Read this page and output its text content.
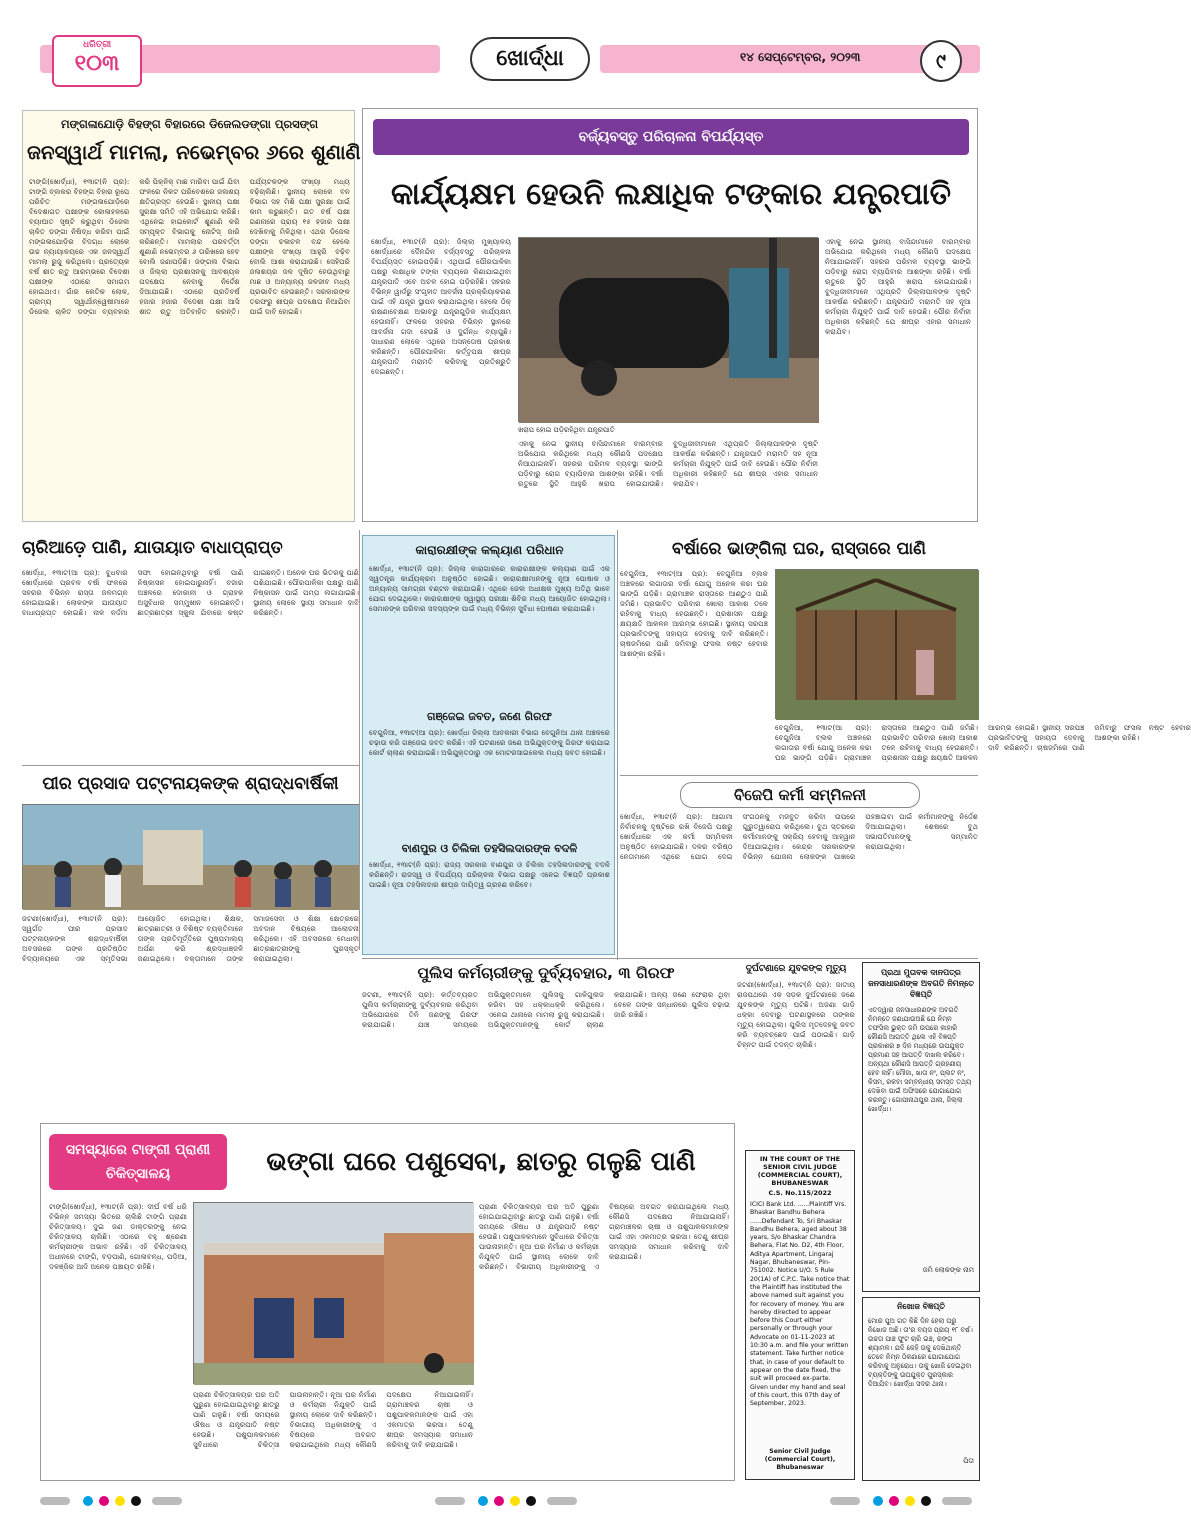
ଧରିତ୍ରୀ
୧୦୩	ଖୋର୍ଦ୍ଧା	୧୪ ସେପ୍ଟେମ୍ବର, ୨୦୨୩	୯
ମଙ୍ଗଳାଯୋଡ଼ି ବିହଙ୍ଗ ବିହାରରେ ଡିଜେଲଡଙ୍ଗା ପ୍ରସଙ୍ଗ
ଜନସ୍ୱାର୍ଥ ମାମଲା, ନଭେମ୍ବର ୬ରେ ଶୁଣାଣି
ଟାଙ୍ଗି(ଖୋର୍ଦ୍ଧା), ୧୩ାଟ(ନି ପ୍ର): ଟାଙ୍ଗି ବ୍ଲକର ବିହଙ୍ଗ ବିହାର ରୂପେ ପରିଚିତ ମଙ୍ଗଳାଯୋଡ଼ିରେ ବିଦେଶାଗତ ପକ୍ଷୀଙ୍କ କୋଳାହଳରେ ବ୍ୟାଘାତ ସୃଷ୍ଟି କରୁଥିବା ଡିଜେଲ ଚାଳିତ ଡଙ୍ଗା ନିଷିଦ୍ଧ କରିବା ପାଇଁ ମଙ୍ଗଳାଯୋଡ଼ିର ବିଦଗ୍ଧ ଲୋକେ ଉଚ୍ଚ ନ୍ୟାୟାଳୟରେ ଏକ ଜନସ୍ୱାର୍ଥ ମାମଲା ରୁଜୁ କରିଥିଲେ। ପ୍ରତ୍ୟେକ ବର୍ଷ ଶୀତ ଋତୁ ଆରମ୍ଭରେ ବିଦେଶୀ ପକ୍ଷୀଙ୍କ ଏଠାରେ ସମାଗମ ହୋଇଥାଏ। ଗାଁର କେତିକ ଲୋକ, ଗ୍ରାମ୍ୟ ସ୍ୱାର୍ଥାନ୍ୱେଷୀମାନେ ଡିଜେଲ ଚାଳିତ ଡଙ୍ଗା ବ୍ୟବହାର କରି ପିକ୍ନିକ୍ ମାଛ ମାରିବା ପାଇଁ ଯିବା ଫଳରେ ନିକଟ ପରିବେଶରେ ଜଳାଶୟ କ୍ଷତିଗ୍ରସ୍ତ ହେଉଛି। ସ୍ଥାନୀୟ ପକ୍ଷୀ ସୁରକ୍ଷା ସମିତି ଏହି ଅଭିଯୋଗ କରିଛି। ଏଥିନେଇ ହାଇକୋର୍ଟ ଶୁଣାଣି କରି ସମ୍ପୃକ୍ତ ବିଭାଗକୁ ନୋଟିସ୍ ଜାରି କରିଛନ୍ତି। ମାମଲାର ପରବର୍ତ୍ତୀ ଶୁଣାଣି ନଭେମ୍ବର ୬ ତାରିଖରେ ହେବ ବୋଲି ଜଣାପଡ଼ିଛି। ଜଙ୍ଗଲ ବିଭାଗ ଓ ଜିଲ୍ଲା ପ୍ରଶାସନକୁ ଆବଶ୍ୟକ ପଦକ୍ଷେପ ନେବାକୁ ନିର୍ଦ୍ଦେଶ ଦିଆଯାଇଛି। ଏଠାରେ ପ୍ରତିବର୍ଷ ହଜାର ହଜାର ବିଦେଶୀ ପକ୍ଷୀ ଆସି ଶୀତ ଋତୁ ଅତିବାହିତ କରନ୍ତି। ପର୍ଯ୍ୟଟକଙ୍କ ସଂଖ୍ୟା ମଧ୍ୟ ବଢ଼ିଚାଲିଛି। ସ୍ଥାନୀୟ ଲୋକେ ବନ ବିଭାଗ ସହ ମିଶି ପକ୍ଷୀ ସୁରକ୍ଷା ପାଇଁ କାମ କରୁଛନ୍ତି। ଗତ ବର୍ଷ ପକ୍ଷୀ ଗଣନାରେ ପ୍ରାୟ ୧୫ ହଜାର ପକ୍ଷୀ ଦେଖିବାକୁ ମିଳିଥିଲା। ଏଥର ଡିଜେଲ ଡଙ୍ଗା ଚଳାଚଳ ବନ୍ଦ ହେଲେ ପକ୍ଷୀଙ୍କ ସଂଖ୍ୟା ଆହୁରି ବଢ଼ିବ ବୋଲି ଆଶା କରାଯାଉଛି। ସେହିପରି ଜଳାଶୟର ଜଳ ଦୂଷିତ ହେଉଥିବାରୁ ମାଛ ଓ ଅନ୍ୟାନ୍ୟ ଜଳଜୀବ ମଧ୍ୟ ପ୍ରଭାବିତ ହେଉଛନ୍ତି। ସରକାରଙ୍କ ତରଫରୁ ଶୀଘ୍ର ପଦକ୍ଷେପ ନିଆଯିବା ପାଇଁ ଦାବି ହୋଇଛି।
ବର୍ଜ୍ୟବସ୍ତୁ ପରିଚାଳନା ବିପର୍ଯ୍ୟସ୍ତ
କାର୍ଯ୍ୟକ୍ଷମ ହେଉନି ଲକ୍ଷାଧିକ ଟଙ୍କାର ଯନ୍ତ୍ରପାତି
ଖୋର୍ଦ୍ଧା, ୧୩ାଟ(ନି ପ୍ର): ଜିଲ୍ଲା ମୁଖ୍ୟାଳୟ ଖୋର୍ଦ୍ଧାରେ ଦୈନନ୍ଦିନ ବର୍ଜ୍ୟବସ୍ତୁ ପରିଚାଳନା ବିପର୍ଯ୍ୟସ୍ତ ହୋଇପଡ଼ିଛି। ଏଥିପାଇଁ ପୌରପାଳିକା ପକ୍ଷରୁ ଲକ୍ଷାଧିକ ଟଙ୍କା ବ୍ୟୟରେ କିଣାଯାଇଥିବା ଯନ୍ତ୍ରପାତି ଏବେ ଅଚଳ ହୋଇ ପଡ଼ିରହିଛି। ସହରର ବିଭିନ୍ନ ୱାର୍ଡରୁ ସଂଗୃହୀତ ଆବର୍ଜନା ପ୍ରକ୍ରିୟାକରଣ ପାଇଁ ଏହି ଯନ୍ତ୍ର ସ୍ଥାପନ କରାଯାଇଥିଲା। ହେଲେ ଠିକ୍ ରକ୍ଷଣାବେକ୍ଷଣ ଅଭାବରୁ ଯନ୍ତ୍ରଗୁଡ଼ିକ କାର୍ଯ୍ୟକ୍ଷମ ହେଉନାହିଁ। ଫଳରେ ସହରର ବିଭିନ୍ନ ସ୍ଥାନରେ ଆବର୍ଜନା ଗଦା ହେଉଛି ଓ ଦୁର୍ଗନ୍ଧ ବ୍ୟାପୁଛି। ସାଧାରଣ ଲୋକେ ଏଥିରେ ଅସନ୍ତୋଷ ପ୍ରକାଶ କରିଛନ୍ତି। ପୌରପାଳିକା କର୍ତ୍ତୃପକ୍ଷ ଶୀଘ୍ର ଯନ୍ତ୍ରପାତି ମରାମତି କରିବାକୁ ପ୍ରତିଶ୍ରୁତି ଦେଇଛନ୍ତି।
ଖରାପ ହୋଇ ପଡ଼ିରହିଥିବା ଯନ୍ତ୍ରପାତି
ଏହାକୁ ନେଇ ସ୍ଥାନୀୟ ବାସିନ୍ଦାମାନେ ବାରମ୍ବାର ଅଭିଯୋଗ କରିଥିଲେ ମଧ୍ୟ କୌଣସି ପଦକ୍ଷେପ ନିଆଯାଇନାହିଁ। ସହରର ପରିମଳ ବ୍ୟବସ୍ଥା ଭାଙ୍ଗି ପଡ଼ିବାରୁ ରୋଗ ବ୍ୟାପିବାର ଆଶଙ୍କା ରହିଛି। ବର୍ଷା ଋତୁରେ ସ୍ଥିତି ଆହୁରି ଖରାପ ହୋଇଯାଉଛି। ବୁଦ୍ଧିଜୀବୀମାନେ ଏଥିପ୍ରତି ଜିଲ୍ଲାପାଳଙ୍କ ଦୃଷ୍ଟି ଆକର୍ଷଣ କରିଛନ୍ତି। ଯନ୍ତ୍ରପାତି ମରାମତି ସହ ନୂଆ କର୍ମଚାରୀ ନିଯୁକ୍ତି ପାଇଁ ଦାବି ହେଉଛି। ପୌର ନିର୍ବାହୀ ଅଧିକାରୀ କହିଛନ୍ତି ଯେ ଶୀଘ୍ର ଏହାର ସମାଧାନ କରାଯିବ।
ଏହାକୁ ନେଇ ସ୍ଥାନୀୟ ବାସିନ୍ଦାମାନେ ବାରମ୍ବାର ଅଭିଯୋଗ କରିଥିଲେ ମଧ୍ୟ କୌଣସି ପଦକ୍ଷେପ ନିଆଯାଇନାହିଁ। ସହରର ପରିମଳ ବ୍ୟବସ୍ଥା ଭାଙ୍ଗି ପଡ଼ିବାରୁ ରୋଗ ବ୍ୟାପିବାର ଆଶଙ୍କା ରହିଛି। ବର୍ଷା ଋତୁରେ ସ୍ଥିତି ଆହୁରି ଖରାପ ହୋଇଯାଉଛି। ବୁଦ୍ଧିଜୀବୀମାନେ ଏଥିପ୍ରତି ଜିଲ୍ଲାପାଳଙ୍କ ଦୃଷ୍ଟି ଆକର୍ଷଣ କରିଛନ୍ତି। ଯନ୍ତ୍ରପାତି ମରାମତି ସହ ନୂଆ କର୍ମଚାରୀ ନିଯୁକ୍ତି ପାଇଁ ଦାବି ହେଉଛି। ପୌର ନିର୍ବାହୀ ଅଧିକାରୀ କହିଛନ୍ତି ଯେ ଶୀଘ୍ର ଏହାର ସମାଧାନ କରାଯିବ।
ଚାରିଆଡ଼େ ପାଣି, ଯାତାୟାତ ବାଧାପ୍ରାପ୍ତ
ଖୋର୍ଦ୍ଧା, ୧୩ାଟ(ଆ ପ୍ର): ବୁଧବାର ଖୋର୍ଦ୍ଧାରେ ପ୍ରବଳ ବର୍ଷା ଫଳରେ ସହରର ବିଭିନ୍ନ ରାସ୍ତା ଜଳମଗ୍ନ ହୋଇଯାଇଛି। ଲୋକଙ୍କ ଯାତାୟାତ ବାଧାପ୍ରାପ୍ତ ହୋଇଛି। ନାଳ ନର୍ଦ୍ଦମା ସଫା ହୋଇନଥିବାରୁ ବର୍ଷା ପାଣି ନିଷ୍କାସନ ହୋଇପାରୁନାହିଁ। ବଜାର ଅଞ୍ଚଳରେ ଦୋକାନୀ ଓ ଗ୍ରାହକ ଅସୁବିଧାର ସମ୍ମୁଖୀନ ହୋଇଛନ୍ତି। ଛାତ୍ରଛାତ୍ରୀ ସ୍କୁଲ ଯିବାରେ କଷ୍ଟ ପାଇଛନ୍ତି। ଅନେକ ଘର ଭିତରକୁ ପାଣି ପଶିଯାଇଛି। ପୌରପାଳିକା ପକ୍ଷରୁ ପାଣି ନିଷ୍କାସନ ପାଇଁ ପମ୍ପ ଲଗାଯାଇଛି। ସ୍ଥାନୀୟ ଲୋକେ ସ୍ଥାୟୀ ସମାଧାନ ଦାବି କରିଛନ୍ତି।
କାରାରକ୍ଷୀଙ୍କ କଲ୍ୟାଣ ପରିଧାନ
ଖୋର୍ଦ୍ଧା, ୧୩ାଟ(ନି ପ୍ର): ଜିଲ୍ଲା କାରାଗାରରେ କାରାରକ୍ଷୀଙ୍କ କଲ୍ୟାଣ ପାଇଁ ଏକ ସ୍ୱତନ୍ତ୍ର କାର୍ଯ୍ୟକ୍ରମ ଅନୁଷ୍ଠିତ ହୋଇଛି। କାରାରକ୍ଷୀମାନଙ୍କୁ ନୂଆ ପୋଷାକ ଓ ଅନ୍ୟାନ୍ୟ ସାମଗ୍ରୀ ବଣ୍ଟନ କରାଯାଇଛି। ଏଥିରେ ଜେଲ ଅଧୀକ୍ଷକ ମୁଖ୍ୟ ଅତିଥି ଭାବେ ଯୋଗ ଦେଇଥିଲେ। କାରାରକ୍ଷୀଙ୍କ ସ୍ୱାସ୍ଥ୍ୟ ପରୀକ୍ଷା ଶିବିର ମଧ୍ୟ ଆୟୋଜିତ ହୋଇଥିଲା। ସେମାନଙ୍କ ପରିବାର ସଦସ୍ୟଙ୍କ ପାଇଁ ମଧ୍ୟ ବିଭିନ୍ନ ସୁବିଧା ଘୋଷଣା କରାଯାଇଛି।
ଗଞ୍ଜେଇ ଜବତ, ଜଣେ ଗିରଫ
ବେଗୁନିଆ, ୧୩ାଟ(ଆ ପ୍ର): ଖୋର୍ଦ୍ଧା ଜିଲ୍ଲା ଆବକାରୀ ବିଭାଗ ବେଗୁନିଆ ଥାନା ଅଞ୍ଚଳରେ ଚଢ଼ାଉ କରି ଗଞ୍ଜେଇ ଜବତ କରିଛି। ଏହି ଘଟଣାରେ ଜଣେ ଅଭିଯୁକ୍ତଙ୍କୁ ଗିରଫ କରାଯାଇ କୋର୍ଟ ଚାଲାଣ କରାଯାଇଛି। ଅଭିଯୁକ୍ତଠାରୁ ଏକ ମୋଟରସାଇକେଲ ମଧ୍ୟ ଜବତ ହୋଇଛି।
ବାଣପୁର ଓ ଚିଲିକା ତହସିଲଦାରଙ୍କ ବଦଳି
ଖୋର୍ଦ୍ଧା, ୧୩ାଟ(ନି ପ୍ର): ରାଜ୍ୟ ସରକାର ବାଣପୁର ଓ ଚିଲିକା ତହସିଲଦାରଙ୍କୁ ବଦଳି କରିଛନ୍ତି। ରାଜସ୍ୱ ଓ ବିପର୍ଯ୍ୟୟ ପରିଚାଳନା ବିଭାଗ ପକ୍ଷରୁ ଏନେଇ ବିଜ୍ଞପ୍ତି ପ୍ରକାଶ ପାଇଛି। ନୂଆ ତହସିଲଦାର ଶୀଘ୍ର ଦାୟିତ୍ୱ ଗ୍ରହଣ କରିବେ।
ବର୍ଷାରେ ଭାଙ୍ଗିଲା ଘର, ରାସ୍ତାରେ ପାଣି
ବେଗୁନିଆ, ୧୩ାଟ(ଆ ପ୍ର): ବେଗୁନିଆ ବ୍ଲକ ଅଞ୍ଚଳରେ ଲଗାତାର ବର୍ଷା ଯୋଗୁ ଅନେକ କଚ୍ଚା ଘର ଭାଙ୍ଗି ପଡ଼ିଛି। ଗ୍ରାମାଞ୍ଚଳ ରାସ୍ତାରେ ଆଣ୍ଠୁଏ ପାଣି ଜମିଛି। ପ୍ରଭାବିତ ପରିବାର ଖୋଲା ଆକାଶ ତଳେ ରହିବାକୁ ବାଧ୍ୟ ହେଉଛନ୍ତି। ପ୍ରଶାସନ ପକ୍ଷରୁ କ୍ଷୟକ୍ଷତି ଆକଳନ ଆରମ୍ଭ ହୋଇଛି। ସ୍ଥାନୀୟ ସରପଞ୍ଚ ପ୍ରଭାବିତଙ୍କୁ ସହାୟତା ଦେବାକୁ ଦାବି କରିଛନ୍ତି। ଚାଷଜମିରେ ପାଣି ଜମିବାରୁ ଫସଲ ନଷ୍ଟ ହେବାର ଆଶଙ୍କା ରହିଛି।
ବେଗୁନିଆ, ୧୩ାଟ(ଆ ପ୍ର): ବେଗୁନିଆ ବ୍ଲକ ଅଞ୍ଚଳରେ ଲଗାତାର ବର୍ଷା ଯୋଗୁ ଅନେକ କଚ୍ଚା ଘର ଭାଙ୍ଗି ପଡ଼ିଛି। ଗ୍ରାମାଞ୍ଚଳ ରାସ୍ତାରେ ଆଣ୍ଠୁଏ ପାଣି ଜମିଛି। ପ୍ରଭାବିତ ପରିବାର ଖୋଲା ଆକାଶ ତଳେ ରହିବାକୁ ବାଧ୍ୟ ହେଉଛନ୍ତି। ପ୍ରଶାସନ ପକ୍ଷରୁ କ୍ଷୟକ୍ଷତି ଆକଳନ ଆରମ୍ଭ ହୋଇଛି। ସ୍ଥାନୀୟ ସରପଞ୍ଚ ପ୍ରଭାବିତଙ୍କୁ ସହାୟତା ଦେବାକୁ ଦାବି କରିଛନ୍ତି। ଚାଷଜମିରେ ପାଣି ଜମିବାରୁ ଫସଲ ନଷ୍ଟ ହେବାର ଆଶଙ୍କା ରହିଛି।
ପୀର ପ୍ରସାଦ ପଟ୍ଟନାୟକଙ୍କ ଶ୍ରାଦ୍ଧବାର୍ଷିକୀ
ଜଟଣୀ(ଖୋର୍ଦ୍ଧା), ୧୩ାଟ(ନି ପ୍ର): ସ୍ୱର୍ଗତ ପୀର ପ୍ରସାଦ ପଟ୍ଟନାୟକଙ୍କ ଶ୍ରାଦ୍ଧବାର୍ଷିକୀ ଅବସରରେ ତାଙ୍କ ପ୍ରତିଷ୍ଠିତ ବିଦ୍ୟାଳୟରେ ଏକ ସ୍ମୃତିସଭା ଆୟୋଜିତ ହୋଇଥିଲା। ଶିକ୍ଷକ, ଛାତ୍ରଛାତ୍ରୀ ଓ ବିଶିଷ୍ଟ ବ୍ୟକ୍ତିମାନେ ତାଙ୍କ ପ୍ରତିମୂର୍ତ୍ତିରେ ପୁଷ୍ପମାଲ୍ୟ ଅର୍ପଣ କରି ଶ୍ରଦ୍ଧାଞ୍ଜଳି ଜଣାଇଥିଲେ। ବକ୍ତାମାନେ ତାଙ୍କ ସମାଜସେବା ଓ ଶିକ୍ଷା କ୍ଷେତ୍ରରେ ଅବଦାନ ବିଷୟରେ ଆଲୋଚନା କରିଥିଲେ। ଏହି ଅବସରରେ ମେଧାବୀ ଛାତ୍ରଛାତ୍ରୀଙ୍କୁ ପୁରସ୍କୃତ କରାଯାଇଥିଲା।
ବିଜେପି କର୍ମୀ ସମ୍ମିଳନୀ
ଖୋର୍ଦ୍ଧା, ୧୩ାଟ(ନି ପ୍ର): ଆଗାମୀ ନିର୍ବାଚନକୁ ଦୃଷ୍ଟିରେ ରଖି ବିଜେପି ପକ୍ଷରୁ ଖୋର୍ଦ୍ଧାରେ ଏକ କର୍ମୀ ସମ୍ମିଳନୀ ଅନୁଷ୍ଠିତ ହୋଇଯାଇଛି। ଦଳର ବରିଷ୍ଠ ନେତାମାନେ ଏଥିରେ ଯୋଗ ଦେଇ ସଂଗଠନକୁ ମଜବୁତ କରିବା ଉପରେ ଗୁରୁତ୍ୱାରୋପ କରିଥିଲେ। ବୁଥ ସ୍ତରରେ କର୍ମୀମାନଙ୍କୁ ସକ୍ରିୟ ହେବାକୁ ଆହ୍ୱାନ ଦିଆଯାଇଥିଲା। କେନ୍ଦ୍ର ସରକାରଙ୍କ ବିଭିନ୍ନ ଯୋଜନା ଲୋକଙ୍କ ପାଖରେ ପହଞ୍ଚାଇବା ପାଇଁ କର୍ମୀମାନଙ୍କୁ ନିର୍ଦ୍ଦେଶ ଦିଆଯାଇଥିଲା। ଶେଷରେ ବୁଥ ସଭାପତିମାନଙ୍କୁ ସମ୍ମାନିତ କରାଯାଇଥିଲା।
ପୁଲିସ କର୍ମଚାରୀଙ୍କୁ ଦୁର୍ବ୍ୟବହାର, ୩ ଗିରଫ
ଜଟଣୀ, ୧୩ାଟ(ନି ପ୍ର): କର୍ତ୍ତବ୍ୟରତ ପୁଲିସ କର୍ମଚାରୀଙ୍କୁ ଦୁର୍ବ୍ୟବହାର କରିଥିବା ଅଭିଯୋଗରେ ତିନି ଜଣଙ୍କୁ ଗିରଫ କରାଯାଇଛି। ଯାଞ୍ଚ ସମୟରେ ଅଭିଯୁକ୍ତମାନେ ପୁଲିସକୁ ଗାଳିଗୁଲଜ କରିବା ସହ ଧକ୍କାଧକ୍କି କରିଥିଲେ। ଏନେଇ ଥାନାରେ ମାମଲା ରୁଜୁ କରାଯାଇଛି। ଅଭିଯୁକ୍ତମାନଙ୍କୁ କୋର୍ଟ ଚାଲାଣ କରାଯାଇଛି। ଅନ୍ୟ ଜଣେ ଫେରାର ଥିବା ବେଳେ ତାଙ୍କ ସନ୍ଧାନରେ ପୁଲିସ ଚଢ଼ାଉ ଜାରି ରଖିଛି।
ଦୁର୍ଘଟଣାରେ ଯୁବକଙ୍କ ମୃତ୍ୟୁ
ଜଟଣୀ(ଖୋର୍ଦ୍ଧା), ୧୩ାଟ(ନି ପ୍ର): ଜାତୀୟ ରାଜପଥରେ ଏକ ସଡ଼କ ଦୁର୍ଘଟଣାରେ ଜଣେ ଯୁବକଙ୍କ ମୃତ୍ୟୁ ଘଟିଛି। ଅଜଣା ଗାଡ଼ି ଧକ୍କା ଦେବାରୁ ଘଟଣାସ୍ଥଳରେ ତାଙ୍କର ମୃତ୍ୟୁ ହୋଇଥିଲା। ପୁଲିସ ମୃତଦେହକୁ ଜବତ କରି ବ୍ୟବଚ୍ଛେଦ ପାଇଁ ପଠାଇଛି। ଗାଡ଼ି ଚିହ୍ନଟ ପାଇଁ ତଦନ୍ତ ଚାଲିଛି।
ସମସ୍ୟାରେ ଟାଙ୍ଗୀ ପ୍ରାଣୀ ଚିକିତ୍ସାଳୟ	ଭଙ୍ଗା ଘରେ ପଶୁସେବା, ଛାତରୁ ଗଳୁଛି ପାଣି
ଟାଙ୍ଗି(ଖୋର୍ଦ୍ଧା), ୧୩ାଟ(ନି ପ୍ର): ଦୀର୍ଘ ବର୍ଷ ଧରି ବିଭିନ୍ନ ସମସ୍ୟା ଭିତରେ ଚାଲିଛି ଟାଙ୍ଗି ପ୍ରାଣୀ ଚିକିତ୍ସାଳୟ। ଦୁଇ ଜଣ ଡାକ୍ତରଙ୍କୁ ନେଇ ଚିକିତ୍ସାଳୟ ଚାଲିଛି। ଏଠାରେ ବହୁ ଶ୍ରେଣୀ କର୍ମଚାରୀଙ୍କ ଅଭାବ ରହିଛି। ଏହି ଚିକିତ୍ସାଳୟ ଅଧୀନରେ ଟାଙ୍ଗି, ବଡ଼ପାଣି, ଗୋଳାବନ୍ଧ, ପଡ଼ିଆ, ଦଳଞ୍ଜିର ଆଦି ଅନେକ ପଞ୍ଚାୟତ ରହିଛି।
ପ୍ରାଣୀ ଚିକିତ୍ସାଳୟର ଘର ଅତି ପୁରୁଣା ହୋଇଯାଇଥିବାରୁ ଛାତରୁ ପାଣି ଗଳୁଛି। ବର୍ଷା ସମୟରେ ଔଷଧ ଓ ଯନ୍ତ୍ରପାତି ନଷ୍ଟ ହେଉଛି। ପଶୁପାଳକମାନେ ସୁବିଧାରେ ଚିକିତ୍ସା ପାଉନାହାନ୍ତି। ନୂଆ ଘର ନିର୍ମାଣ ଓ କର୍ମଚାରୀ ନିଯୁକ୍ତି ପାଇଁ ସ୍ଥାନୀୟ ଲୋକେ ଦାବି କରିଛନ୍ତି। ବିଭାଗୀୟ ଅଧିକାରୀଙ୍କୁ ଏ ବିଷୟରେ ଅବଗତ କରାଯାଇଥିଲେ ମଧ୍ୟ କୌଣସି ପଦକ୍ଷେପ ନିଆଯାଇନାହିଁ। ଗ୍ରାମାଞ୍ଚଳର ଚାଷୀ ଓ ପଶୁପାଳକମାନଙ୍କ ପାଇଁ ଏହା ଏକମାତ୍ର ଭରସା। ତେଣୁ ଶୀଘ୍ର ସମସ୍ୟାର ସମାଧାନ କରିବାକୁ ଦାବି କରାଯାଇଛି।
ପ୍ରାଣୀ ଚିକିତ୍ସାଳୟର ଘର ଅତି ପୁରୁଣା ହୋଇଯାଇଥିବାରୁ ଛାତରୁ ପାଣି ଗଳୁଛି। ବର୍ଷା ସମୟରେ ଔଷଧ ଓ ଯନ୍ତ୍ରପାତି ନଷ୍ଟ ହେଉଛି। ପଶୁପାଳକମାନେ ସୁବିଧାରେ ଚିକିତ୍ସା ପାଉନାହାନ୍ତି। ନୂଆ ଘର ନିର୍ମାଣ ଓ କର୍ମଚାରୀ ନିଯୁକ୍ତି ପାଇଁ ସ୍ଥାନୀୟ ଲୋକେ ଦାବି କରିଛନ୍ତି। ବିଭାଗୀୟ ଅଧିକାରୀଙ୍କୁ ଏ ବିଷୟରେ ଅବଗତ କରାଯାଇଥିଲେ ମଧ୍ୟ କୌଣସି ପଦକ୍ଷେପ ନିଆଯାଇନାହିଁ। ଗ୍ରାମାଞ୍ଚଳର ଚାଷୀ ଓ ପଶୁପାଳକମାନଙ୍କ ପାଇଁ ଏହା ଏକମାତ୍ର ଭରସା। ତେଣୁ ଶୀଘ୍ର ସମସ୍ୟାର ସମାଧାନ କରିବାକୁ ଦାବି କରାଯାଇଛି।
IN THE COURT OF THE SENIOR CIVIL JUDGE (COMMERCIAL COURT), BHUBANESWAR
C.S. No.115/2022
ICICI Bank Ltd. ......Plaintiff Vrs. Bhaskar Bandhu Behera ......Defendant To, Sri Bhaskar Bandhu Behera, aged about 38 years, S/o Bhaskar Chandra Behera, Flat No. D2, 4th Floor, Aditya Apartment, Lingaraj Nagar, Bhubaneswar, Pin-751002. Notice U/O. 5 Rule 20(1A) of C.P.C. Take notice that the Plaintiff has instituted the above named suit against you for recovery of money. You are hereby directed to appear before this Court either personally or through your Advocate on 01-11-2023 at 10:30 a.m. and file your written statement. Take further notice that, in case of your default to appear on the date fixed, the suit will proceed ex-parte. Given under my hand and seal of this court, this 07th day of September, 2023.
Senior Civil Judge (Commercial Court), Bhubaneswar
ପ୍ରଥା ମୁତାବକ ଦାନପତ୍ର ଜନସାଧାରଣଙ୍କ ଅବଗତି ନିମନ୍ତେ ବିଜ୍ଞପ୍ତି
ଏତଦ୍ୱାରା ଜନସାଧାରଣଙ୍କ ଅବଗତି ନିମନ୍ତେ ଜଣାଯାଉଅଛି ଯେ ନିମ୍ନ ତଫସିଲ ଭୁକ୍ତ ଜମି ଉପରେ କାହାରି କୌଣସି ଆପତ୍ତି ଥିଲେ ଏହି ବିଜ୍ଞପ୍ତି ପ୍ରକାଶର ୭ ଦିନ ମଧ୍ୟରେ ଉପଯୁକ୍ତ ପ୍ରମାଣ ସହ ଆପତ୍ତି ଦାଖଲ କରିବେ। ଅନ୍ୟଥା କୌଣସି ଆପତ୍ତି ଗ୍ରହଣୀୟ ହେବ ନାହିଁ। ମୌଜା, ଖାତା ନଂ, ପ୍ଲଟ ନଂ, କିସମ, ରକବା ସମ୍ବନ୍ଧୀୟ ସମସ୍ତ ତଥ୍ୟ ଦେଖିବା ପାଇଁ ଅଫିସରେ ଯୋଗାଯୋଗ କରନ୍ତୁ। ଗୋପୀନାଥପୁର ଥାନା, ଜିଲ୍ଲା ଖୋର୍ଦ୍ଧା।
ଜମି ଲୋକଙ୍କ ନାମ
ନିଖୋଜ ବିଜ୍ଞପ୍ତି
ମୋର ପୁଅ ଗତ କିଛି ଦିନ ହେଲା ଘରୁ ନିଖୋଜ ଅଛି। ତା'ର ବୟସ ପ୍ରାୟ ୧୮ ବର୍ଷ। ଉଚ୍ଚତା ପାଞ୍ଚ ଫୁଟ ଚାରି ଇଞ୍ଚ, ରଙ୍ଗ ଶ୍ୟାମଳ। ଯଦି କେହି ତାକୁ ଦେଖିଥାନ୍ତି ତେବେ ନିମ୍ନ ଠିକଣାରେ ଯୋଗାଯୋଗ କରିବାକୁ ଅନୁରୋଧ। ତାକୁ ଖୋଜି ଦେଇଥିବା ବ୍ୟକ୍ତିଙ୍କୁ ଉପଯୁକ୍ତ ପୁରସ୍କାର ଦିଆଯିବ। ଖୋର୍ଦ୍ଧା ସଦର ଥାନା।
ପିତା
